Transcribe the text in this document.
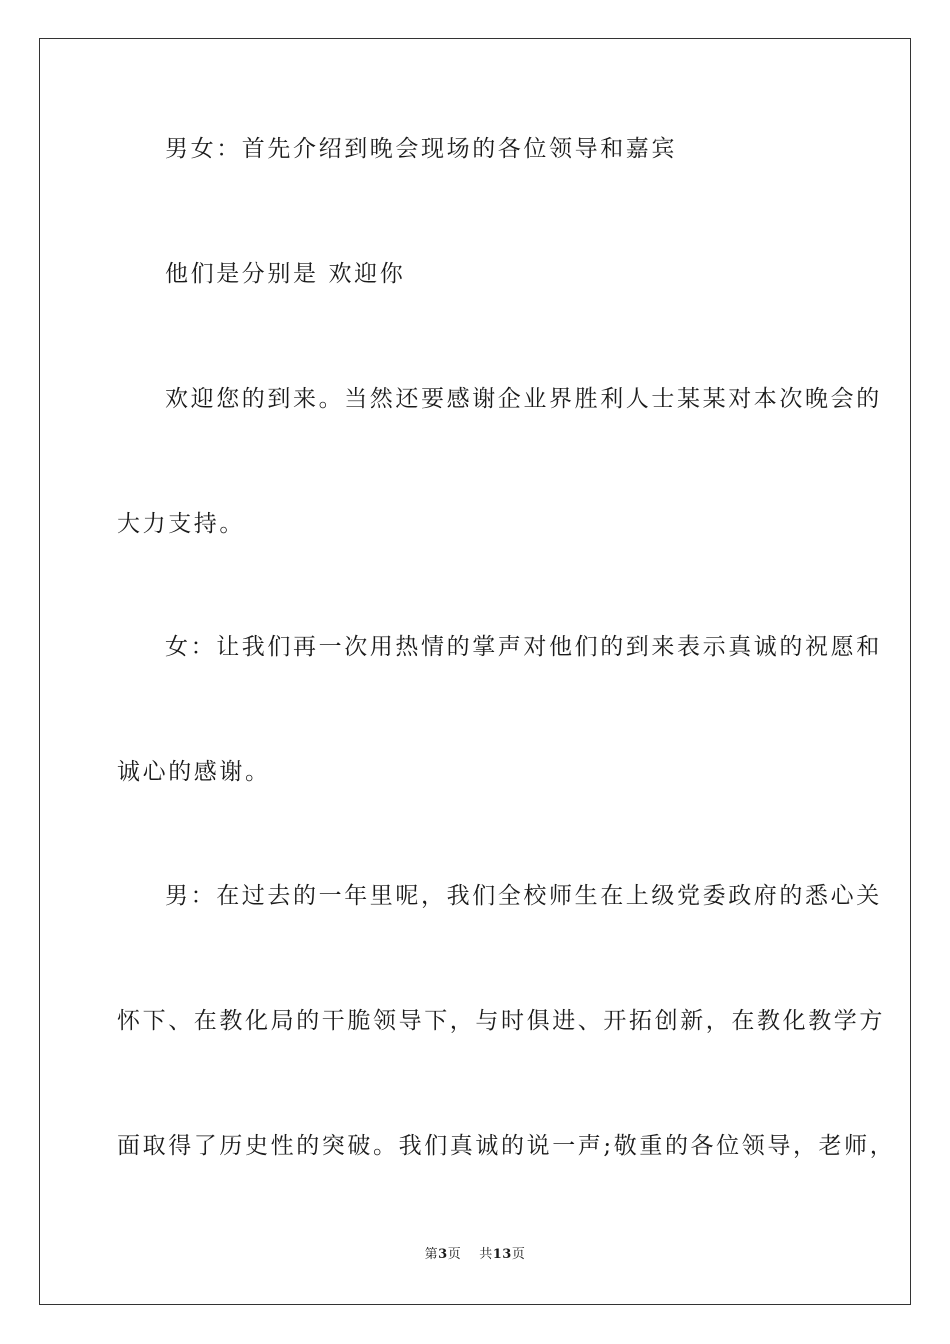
男女：首先介绍到晚会现场的各位领导和嘉宾
他们是分别是 欢迎你
欢迎您的到来。当然还要感谢企业界胜利人士某某对本次晚会的
大力支持。
女：让我们再一次用热情的掌声对他们的到来表示真诚的祝愿和
诚心的感谢。
男：在过去的一年里呢，我们全校师生在上级党委政府的悉心关
怀下、在教化局的干脆领导下，与时俱进、开拓创新，在教化教学方
面取得了历史性的突破。我们真诚的说一声;敬重的各位领导，老师，
第3页 共13页
